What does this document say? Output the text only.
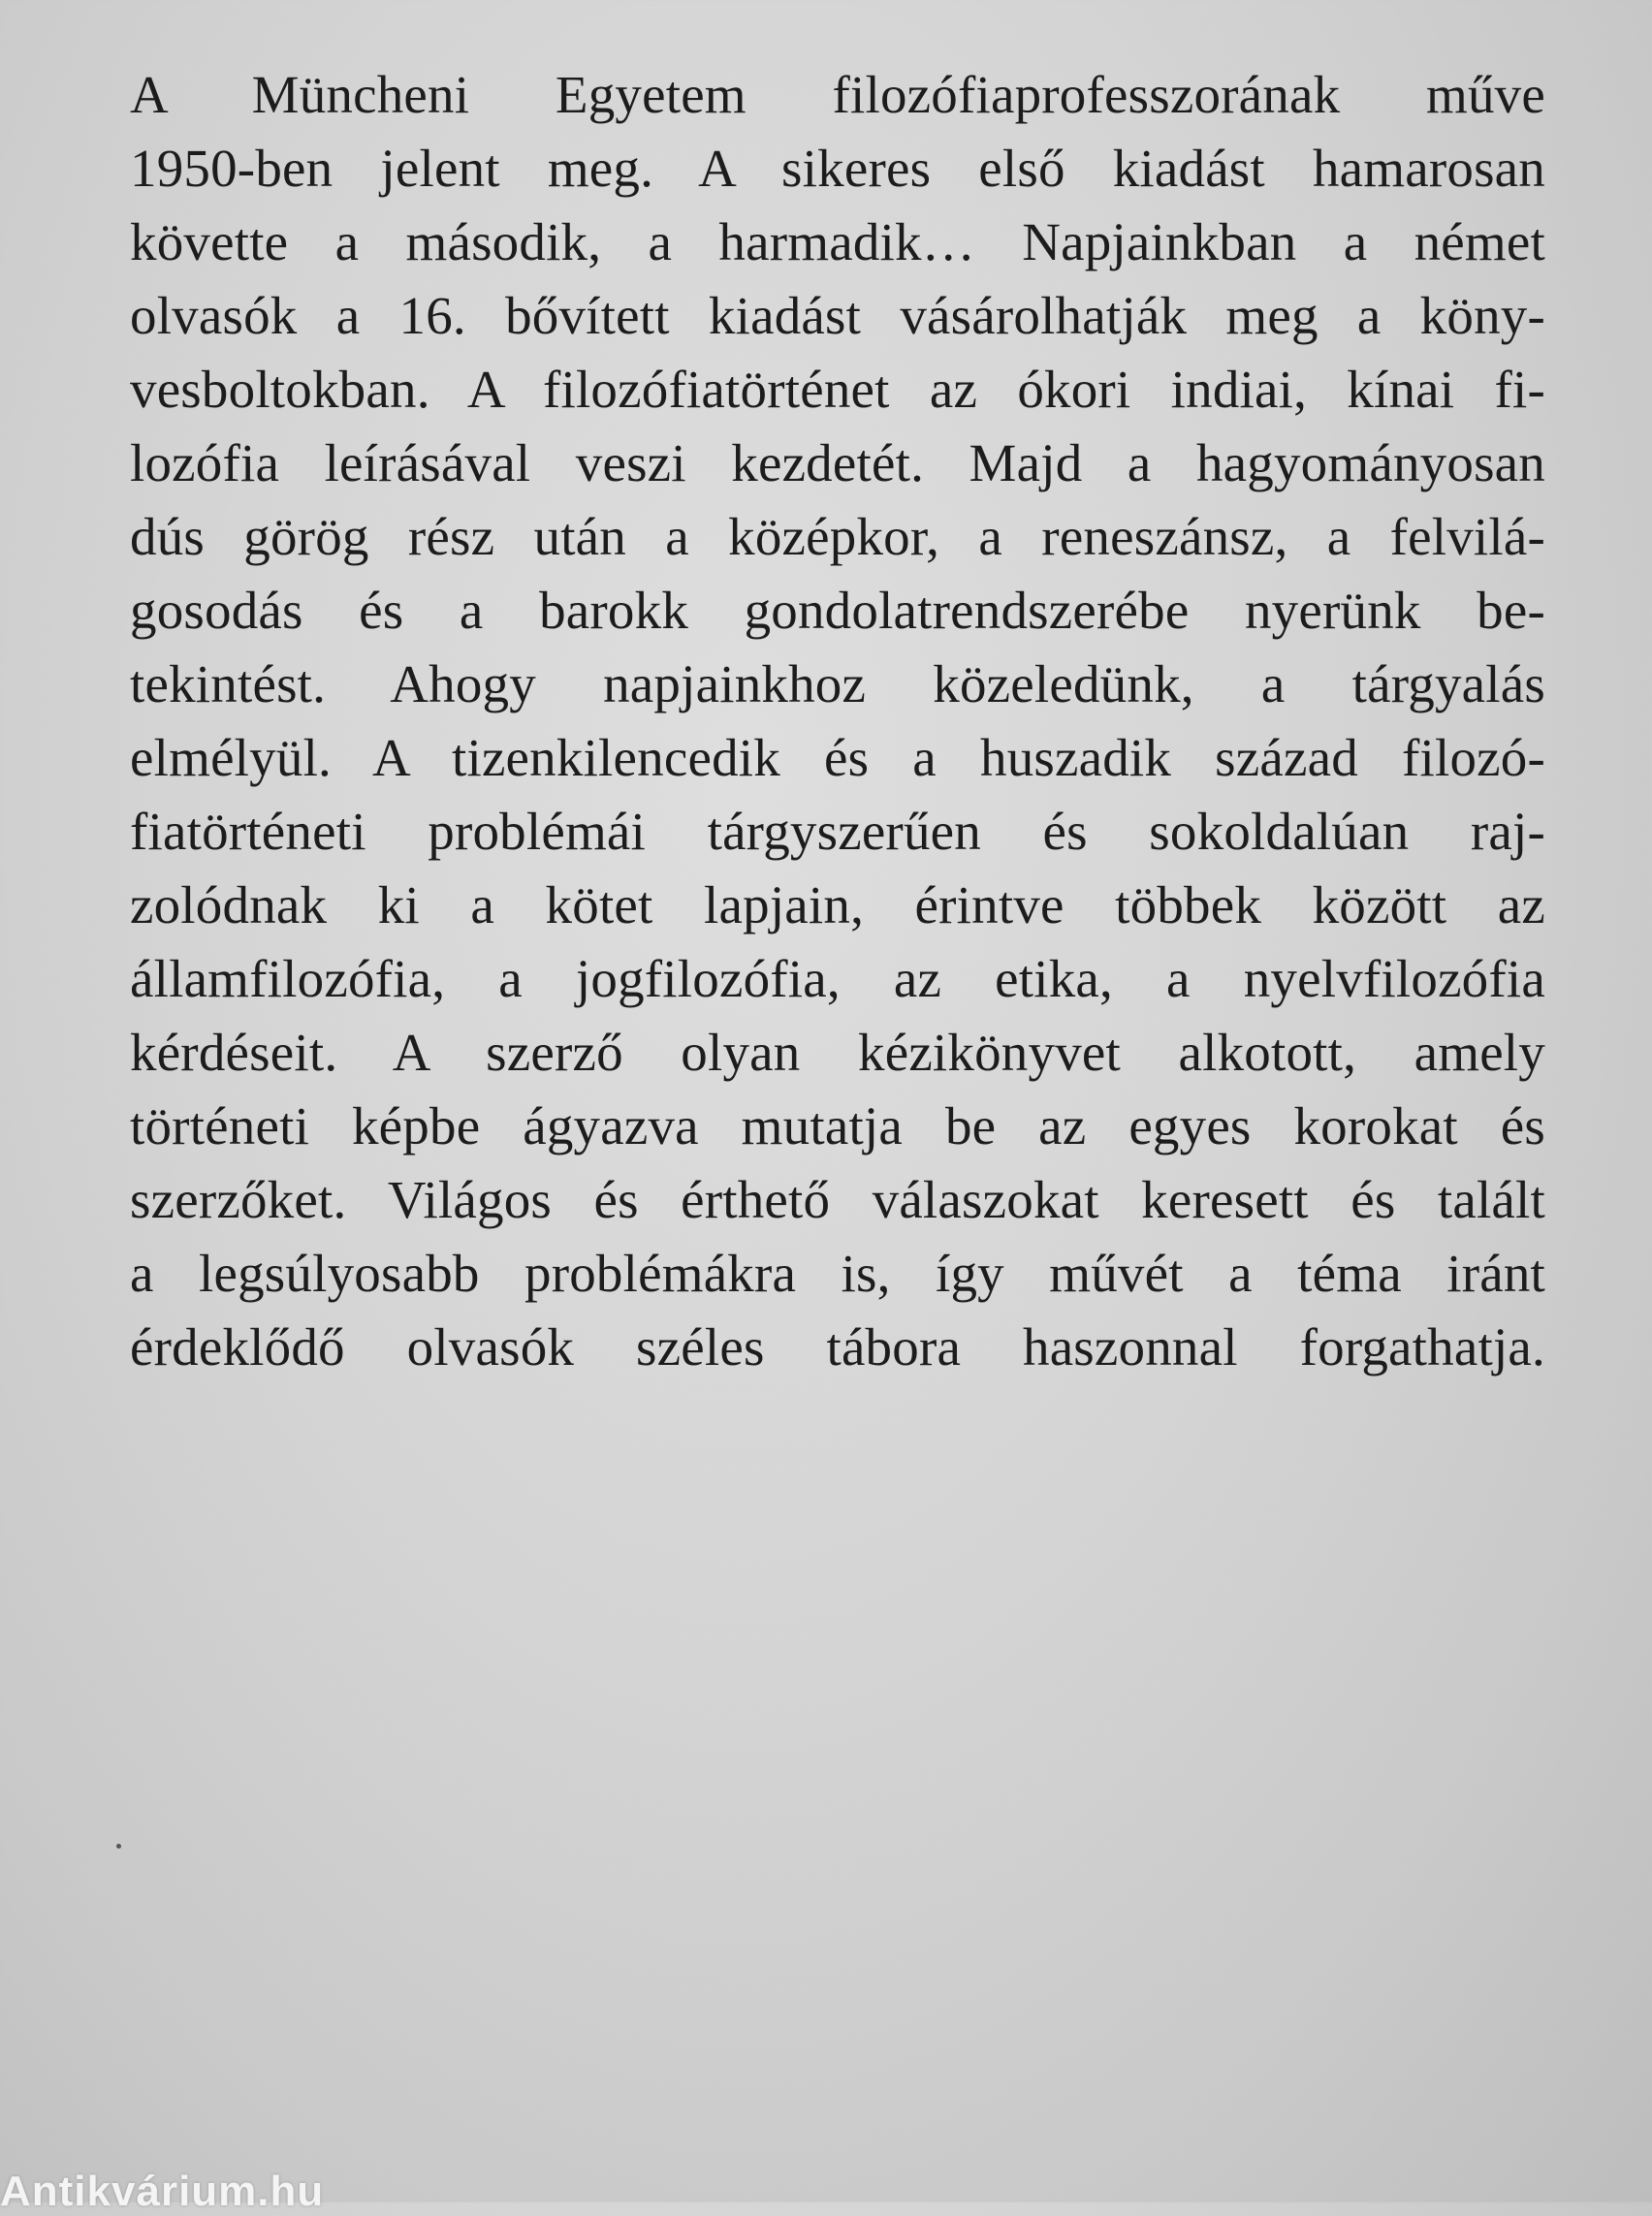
A Müncheni Egyetem filozófiaprofesszorának műve
1950-ben jelent meg. A sikeres első kiadást hamarosan
követte a második, a harmadik… Napjainkban a német
olvasók a 16. bővített kiadást vásárolhatják meg a köny-
vesboltokban. A filozófiatörténet az ókori indiai, kínai fi-
lozófia leírásával veszi kezdetét. Majd a hagyományosan
dús görög rész után a középkor, a reneszánsz, a felvilá-
gosodás és a barokk gondolatrendszerébe nyerünk be-
tekintést. Ahogy napjainkhoz közeledünk, a tárgyalás
elmélyül. A tizenkilencedik és a huszadik század filozó-
fiatörténeti problémái tárgyszerűen és sokoldalúan raj-
zolódnak ki a kötet lapjain, érintve többek között az
államfilozófia, a jogfilozófia, az etika, a nyelvfilozófia
kérdéseit. A szerző olyan kézikönyvet alkotott, amely
történeti képbe ágyazva mutatja be az egyes korokat és
szerzőket. Világos és érthető válaszokat keresett és talált
a legsúlyosabb problémákra is, így művét a téma iránt
érdeklődő olvasók széles tábora haszonnal forgathatja.
Antikvárium.hu
